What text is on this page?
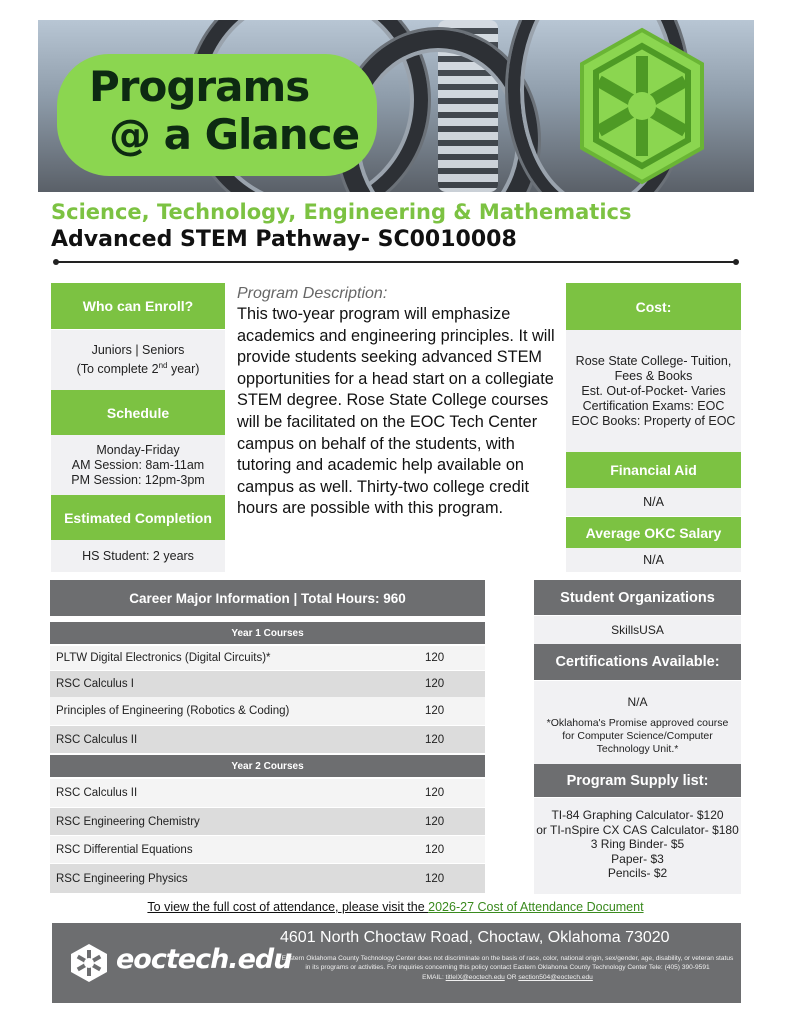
Programs
@ a Glance
Science, Technology, Engineering & Mathematics
Advanced STEM Pathway- SC0010008
Who can Enroll?
Juniors | Seniors
(To complete 2nd year)
Schedule
Monday-Friday
AM Session: 8am-11am
PM Session: 12pm-3pm
Estimated Completion
HS Student: 2 years
Program Description:
This two-year program will emphasize academics and engineering principles. It will provide students seeking advanced STEM opportunities for a head start on a collegiate STEM degree. Rose State College courses will be facilitated on the EOC Tech Center campus on behalf of the students, with tutoring and academic help available on campus as well. Thirty-two college credit hours are possible with this program.
Cost:
Rose State College- Tuition,
Fees & Books
Est. Out-of-Pocket- Varies
Certification Exams: EOC
EOC Books: Property of EOC
Financial Aid
N/A
Average OKC Salary
N/A
Career Major Information | Total Hours: 960
Year 1 Courses
PLTW Digital Electronics (Digital Circuits)*	120
RSC Calculus I	120
Principles of Engineering (Robotics & Coding)	120
RSC Calculus II	120
Year 2 Courses
RSC Calculus II	120
RSC Engineering Chemistry	120
RSC Differential Equations	120
RSC Engineering Physics	120
Student Organizations
SkillsUSA
Certifications Available:
N/A
*Oklahoma's Promise approved course for Computer Science/Computer Technology Unit.*
Program Supply list:
TI-84 Graphing Calculator- $120
or TI-nSpire CX CAS Calculator- $180
3 Ring Binder- $5
Paper- $3
Pencils- $2
To view the full cost of attendance, please visit the 2026-27 Cost of Attendance Document
eoctech.edu
4601 North Choctaw Road, Choctaw, Oklahoma 73020
Eastern Oklahoma County Technology Center does not discriminate on the basis of race, color, national origin, sex/gender, age, disability, or veteran status in its programs or activities. For inquiries concerning this policy contact Eastern Oklahoma County Technology Center Tele: (405) 390-9591
EMAIL: titleIX@eoctech.edu OR section504@eoctech.edu
